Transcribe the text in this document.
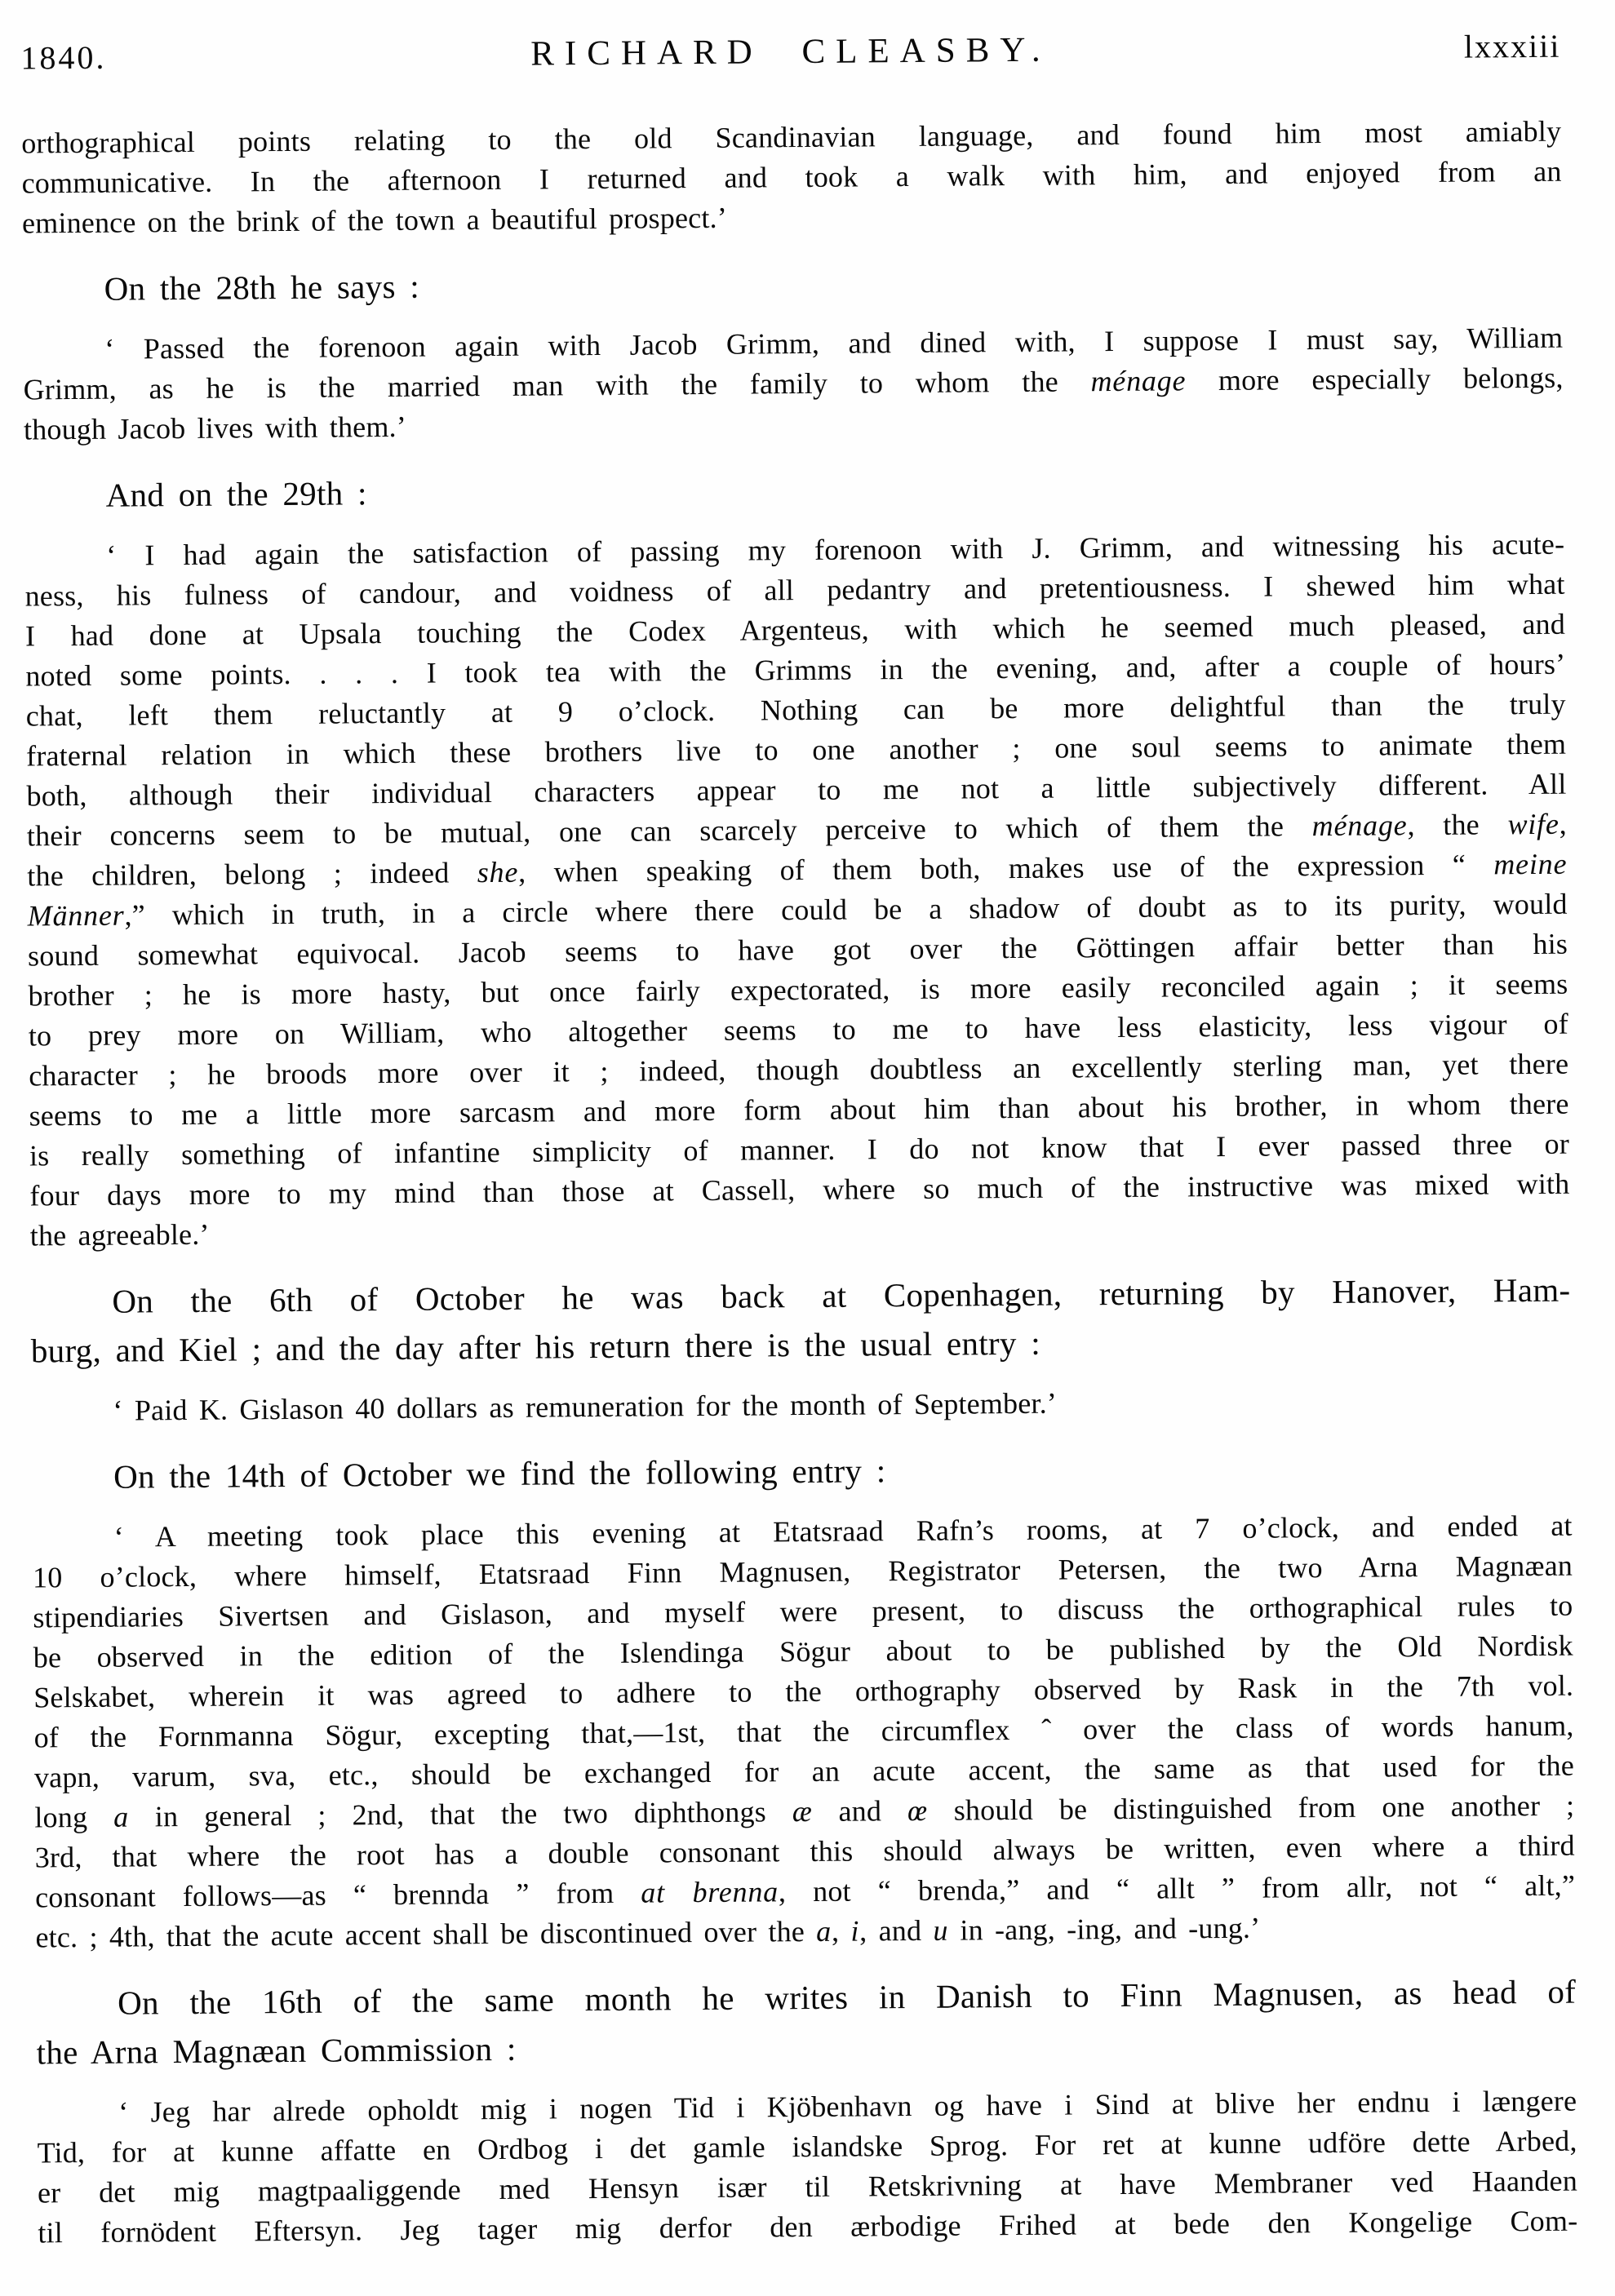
1840.	RICHARD CLEASBY.	lxxxiii

orthographical points relating to the old Scandinavian language, and found him most amiably
communicative. In the afternoon I returned and took a walk with him, and enjoyed from an
eminence on the brink of the town a beautiful prospect.’

On the 28th he says :

‘ Passed the forenoon again with Jacob Grimm, and dined with, I suppose I must say, William
Grimm, as he is the married man with the family to whom the ménage more especially belongs,
though Jacob lives with them.’

And on the 29th :

‘ I had again the satisfaction of passing my forenoon with J. Grimm, and witnessing his acute-
ness, his fulness of candour, and voidness of all pedantry and pretentiousness. I shewed him what
I had done at Upsala touching the Codex Argenteus, with which he seemed much pleased, and
noted some points. . . . I took tea with the Grimms in the evening, and, after a couple of hours’
chat, left them reluctantly at 9 o’clock. Nothing can be more delightful than the truly
fraternal relation in which these brothers live to one another ; one soul seems to animate them
both, although their individual characters appear to me not a little subjectively different. All
their concerns seem to be mutual, one can scarcely perceive to which of them the ménage, the wife,
the children, belong ; indeed she, when speaking of them both, makes use of the expression “ meine
Männer,” which in truth, in a circle where there could be a shadow of doubt as to its purity, would
sound somewhat equivocal. Jacob seems to have got over the Göttingen affair better than his
brother ; he is more hasty, but once fairly expectorated, is more easily reconciled again ; it seems
to prey more on William, who altogether seems to me to have less elasticity, less vigour of
character ; he broods more over it ; indeed, though doubtless an excellently sterling man, yet there
seems to me a little more sarcasm and more form about him than about his brother, in whom there
is really something of infantine simplicity of manner. I do not know that I ever passed three or
four days more to my mind than those at Cassell, where so much of the instructive was mixed with
the agreeable.’

On the 6th of October he was back at Copenhagen, returning by Hanover, Ham-
burg, and Kiel ; and the day after his return there is the usual entry :

‘ Paid K. Gislason 40 dollars as remuneration for the month of September.’

On the 14th of October we find the following entry :

‘ A meeting took place this evening at Etatsraad Rafn’s rooms, at 7 o’clock, and ended at
10 o’clock, where himself, Etatsraad Finn Magnusen, Registrator Petersen, the two Arna Magnæan
stipendiaries Sivertsen and Gislason, and myself were present, to discuss the orthographical rules to
be observed in the edition of the Islendinga Sögur about to be published by the Old Nordisk
Selskabet, wherein it was agreed to adhere to the orthography observed by Rask in the 7th vol.
of the Fornmanna Sögur, excepting that,—1st, that the circumflex ˆ over the class of words hanum,
vapn, varum, sva, etc., should be exchanged for an acute accent, the same as that used for the
long a in general ; 2nd, that the two diphthongs æ and œ should be distinguished from one another ;
3rd, that where the root has a double consonant this should always be written, even where a third
consonant follows—as “ brennda ” from at brenna, not “ brenda,” and “ allt ” from allr, not “ alt,”
etc. ; 4th, that the acute accent shall be discontinued over the a, i, and u in -ang, -ing, and -ung.’

On the 16th of the same month he writes in Danish to Finn Magnusen, as head of
the Arna Magnæan Commission :

‘ Jeg har alrede opholdt mig i nogen Tid i Kjöbenhavn og have i Sind at blive her endnu i længere
Tid, for at kunne affatte en Ordbog i det gamle islandske Sprog. For ret at kunne udföre dette Arbed,
er det mig magtpaaliggende med Hensyn især til Retskrivning at have Membraner ved Haanden
til fornödent Eftersyn. Jeg tager mig derfor den ærbodige Frihed at bede den Kongelige Com-
